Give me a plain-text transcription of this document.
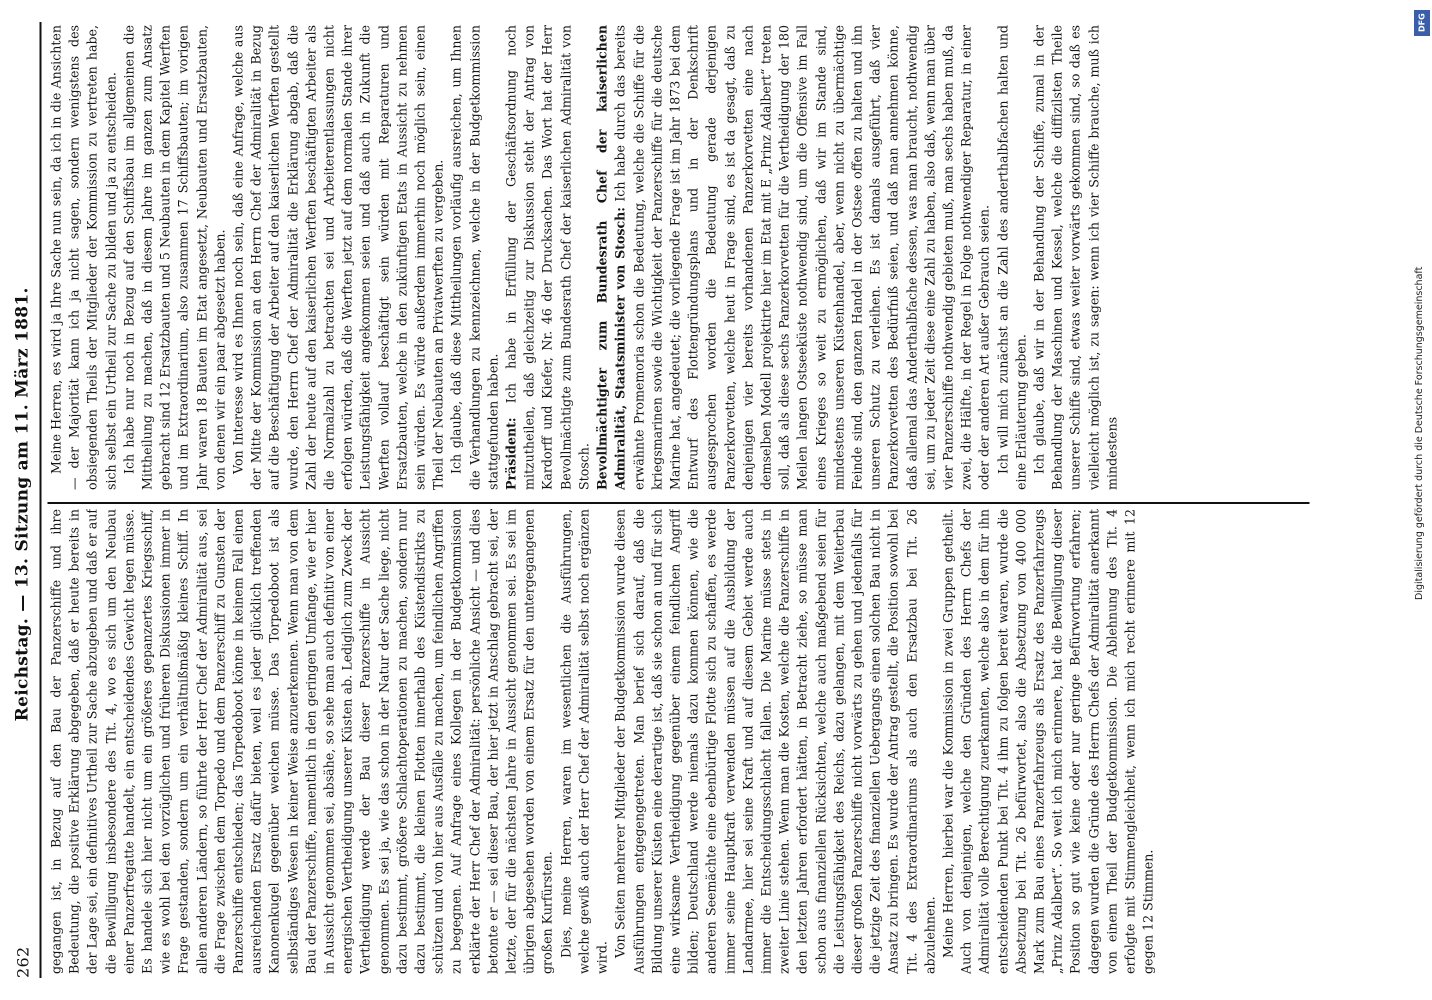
262
Reichstag. — 13. Sitzung am 11. März 1881.

gegangen ist, in Bezug auf den Bau der Panzerschiffe und ihre Bedeutung, die positive Erklärung abgegeben, daß er heute bereits in der Lage sei, ein definitives Urtheil zur Sache abzugeben und daß er auf die Bewilligung insbesondere des Tit. 4, wo es sich um den Neubau einer Panzerfregatte handelt, ein entscheidendes Gewicht legen müsse. Es handele sich hier nicht um ein größeres gepanzertes Kriegsschiff, wie es wohl bei den vorzüglichen und früheren Diskussionen immer in Frage gestanden, sondern um ein verhältnißmäßig kleines Schiff. In allen anderen Ländern, so führte der Herr Chef der Admiralität aus, sei die Frage zwischen dem Torpedo und dem Panzerschiff zu Gunsten der Panzerschiffe entschieden; das Torpedoboot könne in keinem Fall einen ausreichenden Ersatz dafür bieten, weil es jeder glücklich treffenden Kanonenkugel gegenüber weichen müsse. Das Torpedoboot ist als selbständiges Wesen in keiner Weise anzuerkennen. Wenn man von dem Bau der Panzerschiffe, namentlich in den geringen Umfange, wie er hier in Aussicht genommen sei, absähe, so sehe man auch definitiv von einer energischen Vertheidigung unserer Küsten ab. Lediglich zum Zweck der Vertheidigung werde der Bau dieser Panzerschiffe in Aussicht genommen. Es sei ja, wie das schon in der Natur der Sache liege, nicht dazu bestimmt, größere Schlachtoperationen zu machen, sondern nur dazu bestimmt, die kleinen Flotten innerhalb des Küstendistrikts zu schützen und von hier aus Ausfälle zu machen, um feindlichen Angriffen zu begegnen. Auf Anfrage eines Kollegen in der Budgetkommission erklärte der Herr Chef der Admiralität: persönliche Ansicht — und dies betonte er — sei dieser Bau, der hier jetzt in Anschlag gebracht sei, der letzte, der für die nächsten Jahre in Aussicht genommen sei. Es sei im übrigen abgesehen worden von einem Ersatz für den untergegangenen großen Kurfürsten. Dies, meine Herren, waren im wesentlichen die Ausführungen, welche gewiß auch der Herr Chef der Admiralität selbst noch ergänzen wird. Von Seiten mehrerer Mitglieder der Budgetkommission wurde diesen Ausführungen entgegengetreten. Man berief sich darauf, daß die Bildung unserer Küsten eine derartige ist, daß sie schon an und für sich eine wirksame Vertheidigung gegenüber einem feindlichen Angriff bilden; Deutschland werde niemals dazu kommen können, wie die anderen Seemächte eine ebenbürtige Flotte sich zu schaffen, es werde immer seine Hauptkraft verwenden müssen auf die Ausbildung der Landarmee, hier sei seine Kraft und auf diesem Gebiet werde auch immer die Entscheidungsschlacht fallen. Die Marine müsse stets in zweiter Linie stehen. Wenn man die Kosten, welche die Panzerschiffe in den letzten Jahren erfordert hätten, in Betracht ziehe, so müsse man schon aus finanziellen Rücksichten, welche auch maßgebend seien für die Leistungsfähigkeit des Reichs, dazu gelangen, mit dem Weiterbau dieser großen Panzerschiffe nicht vorwärts zu gehen und jedenfalls für die jetzige Zeit des finanziellen Uebergangs einen solchen Bau nicht in Ansatz zu bringen. Es wurde der Antrag gestellt, die Position sowohl bei Tit. 4 des Extraordinariums als auch den Ersatzbau bei Tit. 26 abzulehnen. Meine Herren, hierbei war die Kommission in zwei Gruppen getheilt. Auch von denjenigen, welche den Gründen des Herrn Chefs der Admiralität volle Berechtigung zuerkannten, welche also in dem für ihn entscheidenden Punkt bei Tit. 4 ihm zu folgen bereit waren, wurde die Absetzung bei Tit. 26 befürwortet, also die Absetzung von 400 000 Mark zum Bau eines Panzerfahrzeugs als Ersatz des Panzerfahrzeugs „Prinz Adalbert“. So weit ich mich erinnere, hat die Bewilligung dieser Position so gut wie keine oder nur geringe Befürwortung erfahren; dagegen wurden die Gründe des Herrn Chefs der Admiralität anerkannt von einem Theil der Budgetkommission. Die Ablehnung des Tit. 4 erfolgte mit Stimmengleichheit, wenn ich mich recht erinnere mit 12 gegen 12 Stimmen.

Meine Herren, es wird ja Ihre Sache nun sein, da ich in die Ansichten — der Majorität kann ich ja nicht sagen, sondern wenigstens des obsiegenden Theils der Mitglieder der Kommission zu vertreten habe, sich selbst ein Urtheil zur Sache zu bilden und ja zu entscheiden. Ich habe nur noch in Bezug auf den Schiffsbau im allgemeinen die Mittheilung zu machen, daß in diesem Jahre im ganzen zum Ansatz gebracht sind 12 Ersatzbauten und 5 Neubauten in dem Kapitel Werften und im Extraordinarium, also zusammen 17 Schiffsbauten; im vorigen Jahr waren 18 Bauten im Etat angesetzt, Neubauten und Ersatzbauten, von denen wir ein paar abgesetzt haben. Von Interesse wird es Ihnen noch sein, daß eine Anfrage, welche aus der Mitte der Kommission an den Herrn Chef der Admiralität in Bezug auf die Beschäftigung der Arbeiter auf den kaiserlichen Werften gestellt wurde, den Herrn Chef der Admiralität die Erklärung abgab, daß die Zahl der heute auf den kaiserlichen Werften beschäftigten Arbeiter als die Normalzahl zu betrachten sei und Arbeiterentlassungen nicht erfolgen würden, daß die Werften jetzt auf dem normalen Stande ihrer Leistungsfähigkeit angekommen seien und daß auch in Zukunft die Werften vollauf beschäftigt sein würden mit Reparaturen und Ersatzbauten, welche in den zukünftigen Etats in Aussicht zu nehmen sein würden. Es würde außerdem immerhin noch möglich sein, einen Theil der Neubauten an Privatwerften zu vergeben. Ich glaube, daß diese Mittheilungen vorläufig ausreichen, um Ihnen die Verhandlungen zu kennzeichnen, welche in der Budgetkommission stattgefunden haben. Präsident: Ich habe in Erfüllung der Geschäftsordnung noch mitzutheilen, daß gleichzeitig zur Diskussion steht der Antrag von Kardorff und Kiefer, Nr. 46 der Drucksachen. Das Wort hat der Herr Bevollmächtigte zum Bundesrath Chef der kaiserlichen Admiralität von Stosch. Bevollmächtigter zum Bundesrath Chef der kaiserlichen Admiralität, Staatsminister von Stosch: Ich habe durch das bereits erwähnte Promemoria schon die Bedeutung, welche die Schiffe für die kriegsmarinen sowie die Wichtigkeit der Panzerschiffe für die deutsche Marine hat, angedeutet; die vorliegende Frage ist im Jahr 1873 bei dem Entwurf des Flottengründungsplans und in der Denkschrift ausgesprochen worden die Bedeutung gerade derjenigen Panzerkorvetten, welche heut in Frage sind, es ist da gesagt, daß zu denjenigen vier bereits vorhandenen Panzerkorvetten eine nach demselben Modell projektirte hier im Etat mit E „Prinz Adalbert“ treten soll, daß als diese sechs Panzerkorvetten für die Vertheidigung der 180 Meilen langen Ostseeküste nothwendig sind, um die Offensive im Fall eines Krieges so weit zu ermöglichen, daß wir im Stande sind, mindestens unseren Küstenhandel, aber, wenn nicht zu übermächtige Feinde sind, den ganzen Handel in der Ostsee offen zu halten und ihn unseren Schutz zu verleihen. Es ist damals ausgeführt, daß vier Panzerkorvetten des Bedürfniß seien, und daß man annehmen könne, daß allemal das Anderthalbfache dessen, was man braucht, nothwendig sei, um zu jeder Zeit diese eine Zahl zu haben, also daß, wenn man über vier Panzerschiffe nothwendig gebieten muß, man sechs haben muß, da zwei, die Hälfte, in der Regel in Folge nothwendiger Reparatur, in einer oder der anderen Art außer Gebrauch seien. Ich will mich zunächst an die Zahl des anderthalbfachen halten und eine Erläuterung geben. Ich glaube, daß wir in der Behandlung der Schiffe, zumal in der Behandlung der Maschinen und Kessel, welche die diffizilsten Theile unserer Schiffe sind, etwas weiter vorwärts gekommen sind, so daß es vielleicht möglich ist, zu sagen: wenn ich vier Schiffe brauche, muß ich mindestens

DFG
Digitalisierung gefördert durch die Deutsche Forschungsgemeinschaft
